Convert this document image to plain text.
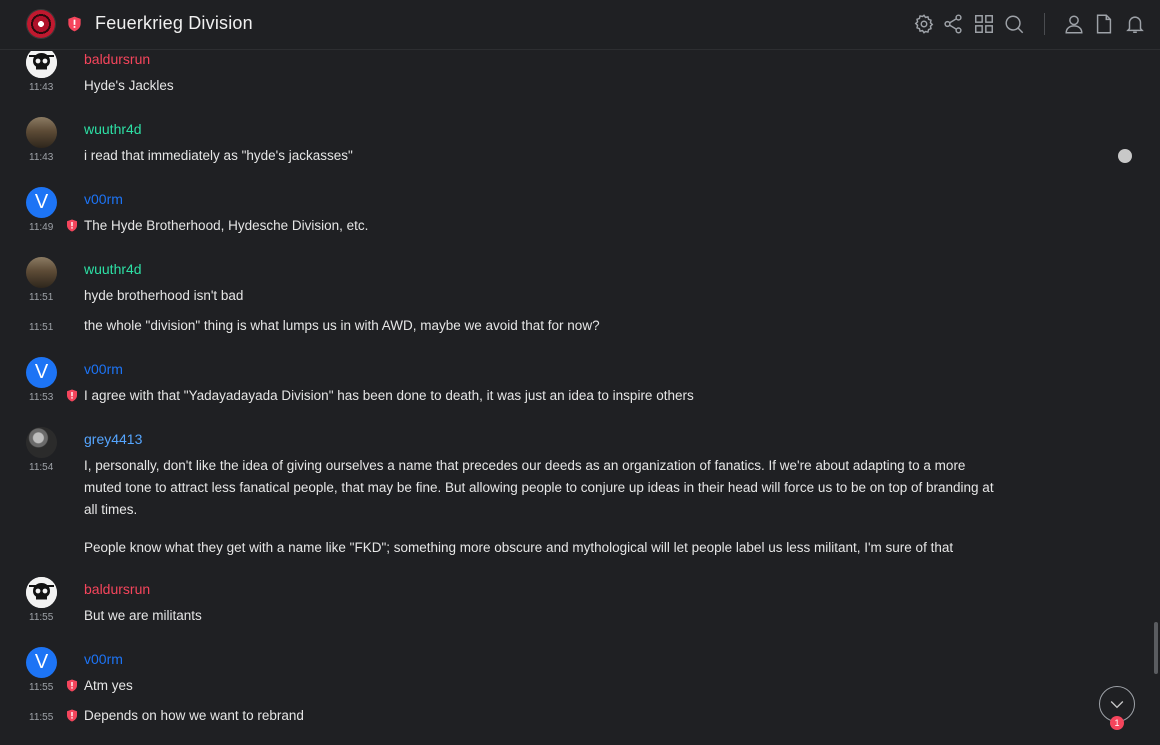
Feuerkrieg Division
baldursrun
11:43	Hyde's Jackles
wuuthr4d
11:43	i read that immediately as "hyde's jackasses"
V	v00rm
11:49	The Hyde Brotherhood, Hydesche Division, etc.
wuuthr4d
11:51	hyde brotherhood isn't bad
11:51	the whole "division" thing is what lumps us in with AWD, maybe we avoid that for now?
V	v00rm
11:53	I agree with that "Yadayadayada Division" has been done to death, it was just an idea to inspire others
grey4413
11:54	I, personally, don't like the idea of giving ourselves a name that precedes our deeds as an organization of fanatics. If we're about adapting to a more muted tone to attract less fanatical people, that may be fine. But allowing people to conjure up ideas in their head will force us to be on top of branding at all times.
People know what they get with a name like "FKD"; something more obscure and mythological will let people label us less militant, I'm sure of that
baldursrun
11:55	But we are militants
V	v00rm
11:55	Atm yes
11:55	Depends on how we want to rebrand	1
